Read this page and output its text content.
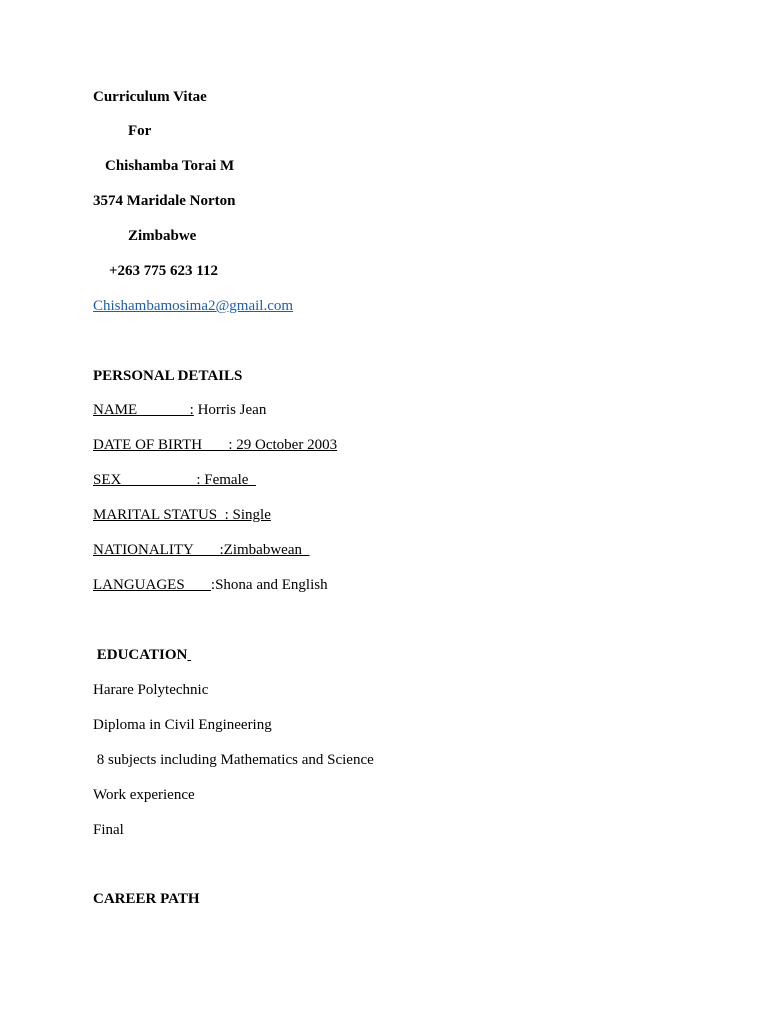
Curriculum Vitae
For
Chishamba Torai M
3574 Maridale Norton
Zimbabwe
+263 775 623 112
Chishambamosima2@gmail.com
PERSONAL DETAILS
NAME              : Horris Jean
DATE OF BIRTH       : 29 October 2003
SEX                    : Female
MARITAL STATUS  : Single
NATIONALITY       :Zimbabwean
LANGUAGES       :Shona and English
EDUCATION
Harare Polytechnic
Diploma in Civil Engineering
8 subjects including Mathematics and Science
Work experience
Final
CAREER PATH
